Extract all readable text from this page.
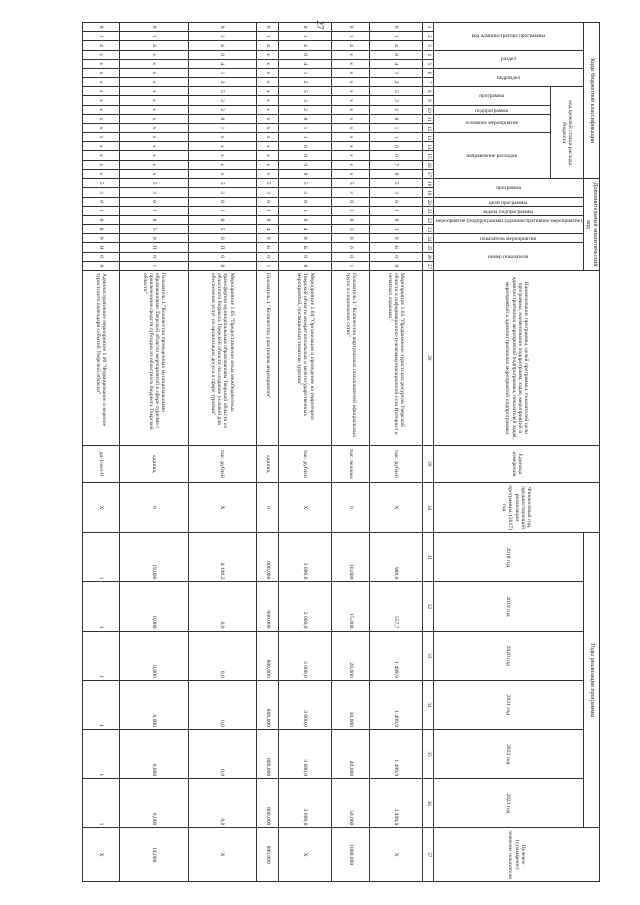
27
Коды бюджетной классификации																	Дополнительный аналитический код										Наименование программы, целей программы, показателей цели программы, наименование подпрограмм, задач, мероприятий и административных мероприятий подпрограммы, показателей задач, мероприятий и административных мероприятий подпрограммы	Единица измерения	Финансовый год, предшествующий реализации программы, (2017) год	Годы реализации программы						Целевое (суммарное) значение показателя

код администратора программы			раздел		подраздел		код целевой статьи расхода бюджета										программа		цели программы	задача подпрограммы	мероприятие (подпрограмма) (административное мероприятие)		показатель мероприятия	номер показателя						2018 год	2019 год	2020 год	2021 год	2022 год	2023 год	

							программа		подпрограмма	основное мероприятие		направление расходов																								

1	2	3	4	5	6	7	8	9	10	11	12	13	14	15	16	17	18	19	20	21	22	23	24	25	26	27	28	29	30	31	32	33	34	35	36	37
0	1	4	0	4	1	2	5	3	2	0	1	1	0	0	7	0	5	3	0	1	0	3	0	Б	0	0	Мероприятие 1.03 "Продвижение туристских ресурсов Тверской области в информационно-телекоммуникационной сети Интернет и печатных изданиях"	тыс. рублей	Х	900,0	557,7	1 499,9	1 499,9	1 499,9	1 499,9	Х
0	1	4	х	х	х	х	х	х	х	х	х	х	х	х	х	х	5	3	0	1	0	3	0	б	0	1	Показатель 1 "Количество виртуальных пользователей официальных групп в социальных сетях"	тыс. человек	0	10,000	15,000	20,000	30,000	40,000	50,000	1000,000
0	1	4	0	4	1	2	5	3	2	0	1	1	0	0	9	0	5	3	0	1	0	4	0	Б	0	0	Мероприятие 1.04 "Организация и проведение на территории Тверской области межрегиональных и межгосударственных мероприятий, посвященных тематике туризма"	тыс. рублей	Х	3 000,0	2 000,0	3 000,0	3 000,0	3 000,0	3 000,0	Х
0	1	4	х	х	х	х	х	х	х	х	х	х	х	х	х	х	5	3	0	1	0	4	0	Б	0	1	Показатель 1 "Количество участников мероприятия"	единиц	0	600,000	600,000	800,000	800,000	800,000	800,000	800,000
0	1	4	0	4	1	2	5	3	2	0	1	х	х	х	х	х	5	3	0	1	0	5	0	П	0	0	Мероприятие 1.05 "Предоставление иных межбюджетных трансфертов муниципальным образованиям Тверской области из областного бюджета Тверской области на создание условий для обеспечения услуг по организации досуга в сфере туризма"	тыс. рублей	Х	4 190,2	0,0	0,0	0,0	0,0	0,0	Х
0	1	4	х	х	х	х	х	х	х	х	х	х	х	х	х	х	5	3	0	1	0	5	0	П	0	1	Показатель 1 "Количество проведенных муниципальными образованиями Тверской области мероприятий в сфере туризма с привлечением средств субсидии из областного бюджета Тверской области"	единиц	0	19,000	0,000	0,000	0,000	0,000	0,000	19,000
0	1	4	х	х	х	х	х	х	х	х	х	х	х	х	х	х	5	3	0	1	0	6	0	Я	0	0	Административное мероприятие 1.06 "Формирование и ведение туристского календаря событий Тверской области"	да-1/нет-0	Х	1	1	1	1	1	1	Х
